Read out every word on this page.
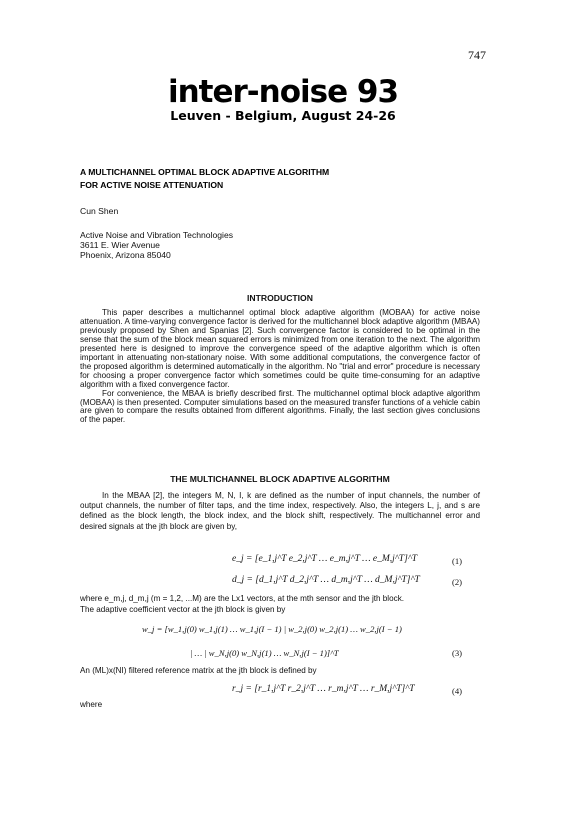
747
inter-noise 93
Leuven - Belgium, August 24-26
A MULTICHANNEL OPTIMAL BLOCK ADAPTIVE ALGORITHM
FOR ACTIVE NOISE ATTENUATION
Cun Shen
Active Noise and Vibration Technologies
3611 E. Wier Avenue
Phoenix, Arizona 85040
INTRODUCTION

This paper describes a multichannel optimal block adaptive algorithm (MOBAA) for active noise attenuation. A time-varying convergence factor is derived for the multichannel block adaptive algorithm (MBAA) previously proposed by Shen and Spanias [2]. Such convergence factor is considered to be optimal in the sense that the sum of the block mean squared errors is minimized from one iteration to the next. The algorithm presented here is designed to improve the convergence speed of the adaptive algorithm which is often important in attenuating non-stationary noise. With some additional computations, the convergence factor of the proposed algorithm is determined automatically in the algorithm. No "trial and error" procedure is necessary for choosing a proper convergence factor which sometimes could be quite time-consuming for an adaptive algorithm with a fixed convergence factor.

For convenience, the MBAA is briefly described first. The multichannel optimal block adaptive algorithm (MOBAA) is then presented. Computer simulations based on the measured transfer functions of a vehicle cabin are given to compare the results obtained from different algorithms. Finally, the last section gives conclusions of the paper.

THE MULTICHANNEL BLOCK ADAPTIVE ALGORITHM

In the MBAA [2], the integers M, N, I, k are defined as the number of input channels, the number of output channels, the number of filter taps, and the time index, respectively. Also, the integers L, j, and s are defined as the block length, the block index, and the block shift, respectively. The multichannel error and desired signals at the jth block are given by,

e_j = [e_1,j^T e_2,j^T … e_m,j^T … e_M,j^T]^T	(1)
d_j = [d_1,j^T d_2,j^T … d_m,j^T … d_M,j^T]^T	(2)
where e_m,j, d_m,j (m = 1,2, ...M) are the Lx1 vectors, at the mth sensor and the jth block.
The adaptive coefficient vector at the jth block is given by
w_j = [w_1,j(0) w_1,j(1) … w_1,j(I − 1) | w_2,j(0) w_2,j(1) … w_2,j(I − 1)
| … | w_N,j(0) w_N,j(1) … w_N,j(I − 1)]^T	(3)
An (ML)x(NI) filtered reference matrix at the jth block is defined by
r_j = [r_1,j^T r_2,j^T … r_m,j^T … r_M,j^T]^T	(4)
where
